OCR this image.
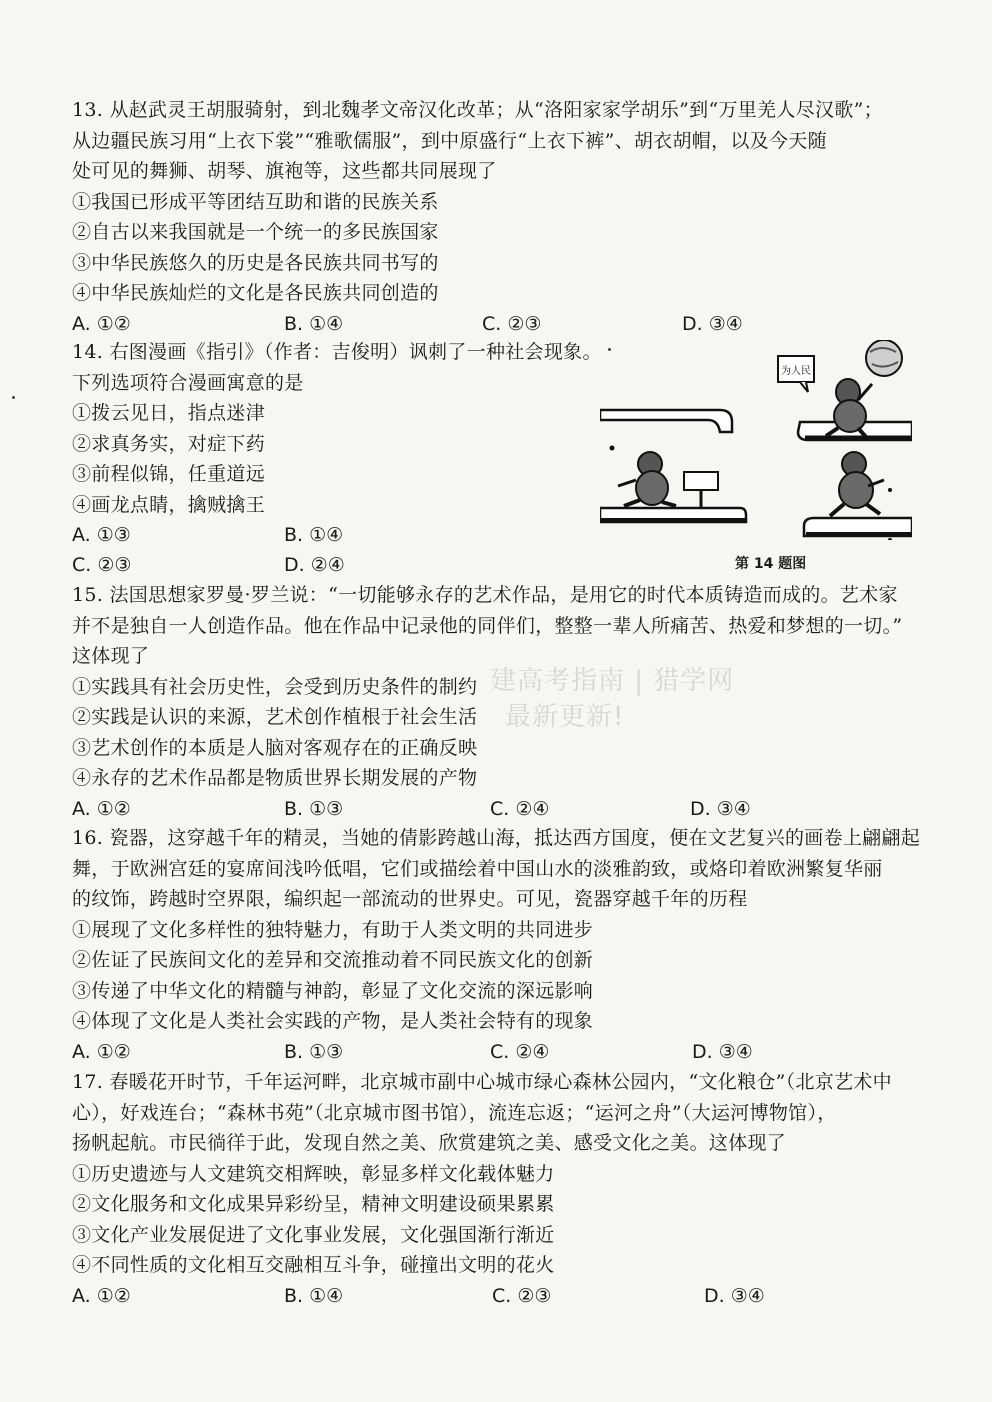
13. 从赵武灵王胡服骑射，到北魏孝文帝汉化改革；从“洛阳家家学胡乐”到“万里羌人尽汉歌”；
从边疆民族习用“上衣下裳”“雅歌儒服”，到中原盛行“上衣下裤”、胡衣胡帽，以及今天随
处可见的舞狮、胡琴、旗袍等，这些都共同展现了
①我国已形成平等团结互助和谐的民族关系
②自古以来我国就是一个统一的多民族国家
③中华民族悠久的历史是各民族共同书写的
④中华民族灿烂的文化是各民族共同创造的
A. ①②	B. ①④	C. ②③	D. ③④
14. 右图漫画《指引》（作者：吉俊明）讽刺了一种社会现象。
下列选项符合漫画寓意的是
①拨云见日，指点迷津
②求真务实，对症下药
③前程似锦，任重道远
④画龙点睛，擒贼擒王
A. ①③	B. ①④
C. ②③	D. ②④
为人民
第 14 题图
15. 法国思想家罗曼·罗兰说：“一切能够永存的艺术作品，是用它的时代本质铸造而成的。艺术家
并不是独自一人创造作品。他在作品中记录他的同伴们，整整一辈人所痛苦、热爱和梦想的一切。”
这体现了
①实践具有社会历史性，会受到历史条件的制约
②实践是认识的来源，艺术创作植根于社会生活
③艺术创作的本质是人脑对客观存在的正确反映
④永存的艺术作品都是物质世界长期发展的产物
A. ①②	B. ①③	C. ②④	D. ③④
建高考指南 | 猎学网
最新更新!
16. 瓷器，这穿越千年的精灵，当她的倩影跨越山海，抵达西方国度，便在文艺复兴的画卷上翩翩起
舞，于欧洲宫廷的宴席间浅吟低唱，它们或描绘着中国山水的淡雅韵致，或烙印着欧洲繁复华丽
的纹饰，跨越时空界限，编织起一部流动的世界史。可见，瓷器穿越千年的历程
①展现了文化多样性的独特魅力，有助于人类文明的共同进步
②佐证了民族间文化的差异和交流推动着不同民族文化的创新
③传递了中华文化的精髓与神韵，彰显了文化交流的深远影响
④体现了文化是人类社会实践的产物，是人类社会特有的现象
A. ①②	B. ①③	C. ②④	D. ③④
17. 春暖花开时节，千年运河畔，北京城市副中心城市绿心森林公园内，“文化粮仓”（北京艺术中
心），好戏连台；“森林书苑”（北京城市图书馆），流连忘返；“运河之舟”（大运河博物馆），
扬帆起航。市民徜徉于此，发现自然之美、欣赏建筑之美、感受文化之美。这体现了
①历史遗迹与人文建筑交相辉映，彰显多样文化载体魅力
②文化服务和文化成果异彩纷呈，精神文明建设硕果累累
③文化产业发展促进了文化事业发展，文化强国渐行渐近
④不同性质的文化相互交融相互斗争，碰撞出文明的花火
A. ①②	B. ①④	C. ②③	D. ③④
